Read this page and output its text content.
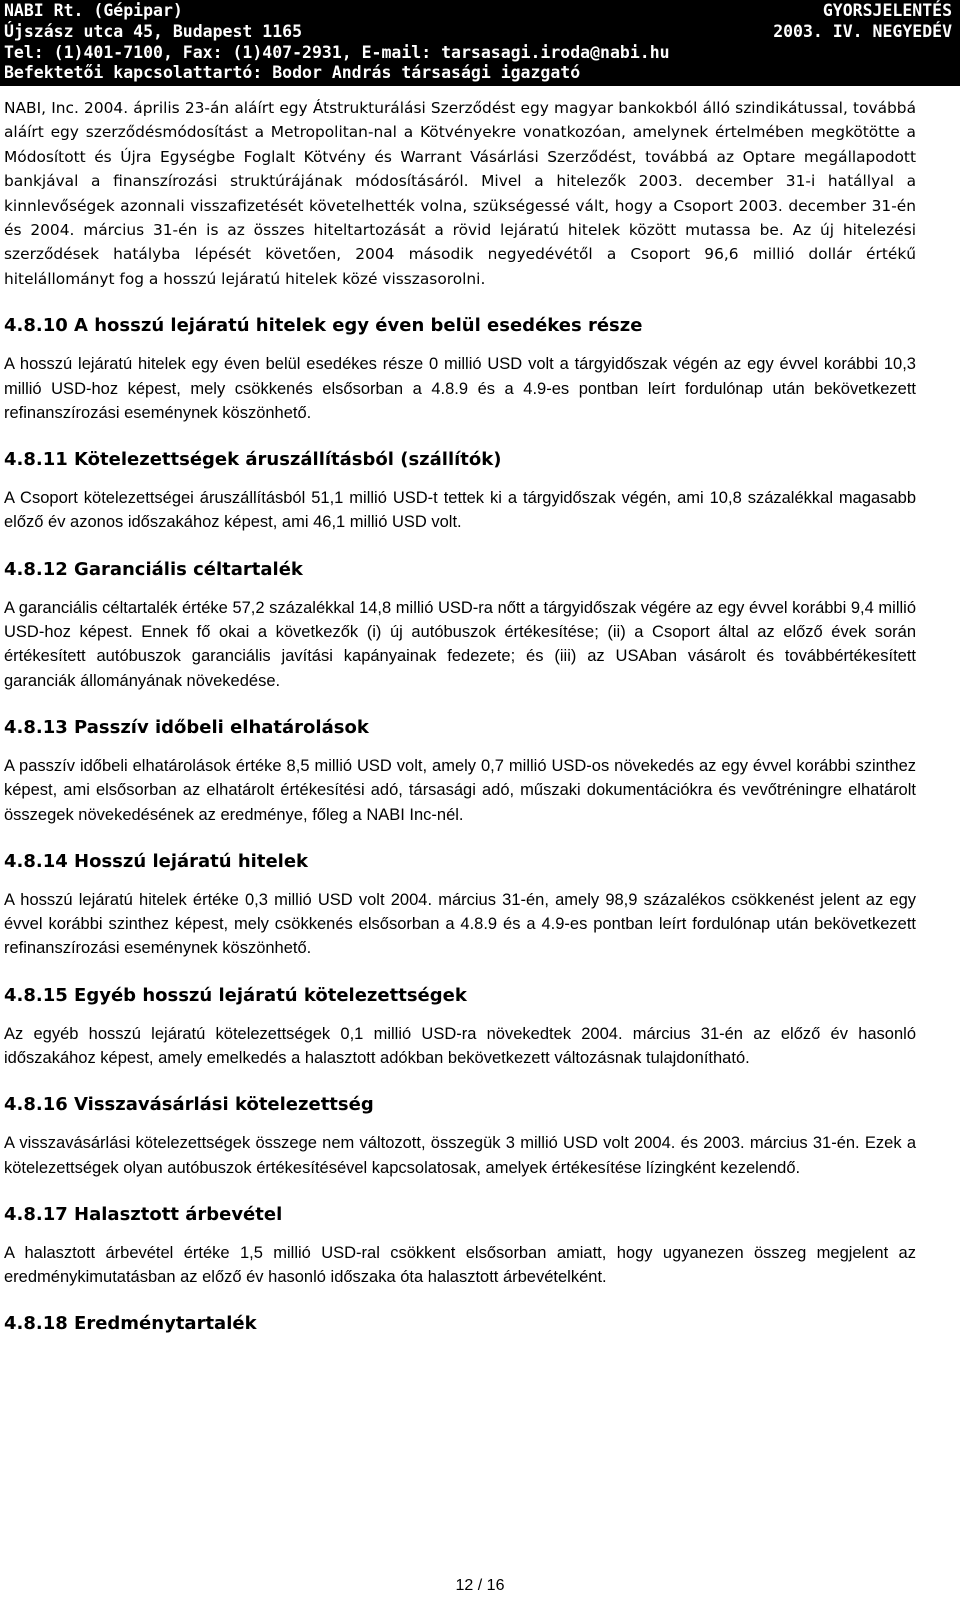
NABI Rt. (Gépipar)
Újszász utca 45, Budapest 1165
Tel: (1)401-7100, Fax: (1)407-2931, E-mail: tarsasagi.iroda@nabi.hu
Befektetői kapcsolattartó: Bodor András társasági igazgató
GYORSJELENTÉS
2003. IV. NEGYEDÉV

NABI, Inc. 2004. április 23-án aláírt egy Átstrukturálási Szerződést egy magyar bankokból álló szindikátussal, továbbá aláírt egy szerződésmódosítást a Metropolitan-nal a Kötvényekre vonatkozóan, amelynek értelmében megkötötte a Módosított és Újra Egységbe Foglalt Kötvény és Warrant Vásárlási Szerződést, továbbá az Optare megállapodott bankjával a finanszírozási struktúrájának módosításáról. Mivel a hitelezők 2003. december 31-i hatállyal a kinnlevőségek azonnali visszafizetését követelhették volna, szükségessé vált, hogy a Csoport 2003. december 31-én és 2004. március 31-én is az összes hiteltartozását a rövid lejáratú hitelek között mutassa be. Az új hitelezési szerződések hatályba lépését követően, 2004 második negyedévétől a Csoport 96,6 millió dollár értékű hitelállományt fog a hosszú lejáratú hitelek közé visszasorolni.

4.8.10 A hosszú lejáratú hitelek egy éven belül esedékes része

A hosszú lejáratú hitelek egy éven belül esedékes része 0 millió USD volt a tárgyidőszak végén az egy évvel korábbi 10,3 millió USD-hoz képest, mely csökkenés elsősorban a 4.8.9 és a 4.9-es pontban leírt fordulónap után bekövetkezett refinanszírozási eseménynek köszönhető.

4.8.11 Kötelezettségek áruszállításból (szállítók)

A Csoport kötelezettségei áruszállításból 51,1 millió USD-t tettek ki a tárgyidőszak végén, ami 10,8 százalékkal magasabb előző év azonos időszakához képest, ami 46,1 millió USD volt.

4.8.12 Garanciális céltartalék

A garanciális céltartalék értéke 57,2 százalékkal 14,8 millió USD-ra nőtt a tárgyidőszak végére az egy évvel korábbi 9,4 millió USD-hoz képest. Ennek fő okai a következők (i) új autóbuszok értékesítése; (ii) a Csoport által az előző évek során értékesített autóbuszok garanciális javítási kapányainak fedezete; és (iii) az USAban vásárolt és továbbértékesített garanciák állományának növekedése.

4.8.13 Passzív időbeli elhatárolások

A passzív időbeli elhatárolások értéke 8,5 millió USD volt, amely 0,7 millió USD-os növekedés az egy évvel korábbi szinthez képest, ami elsősorban az elhatárolt értékesítési adó, társasági adó, műszaki dokumentációkra és vevőtréningre elhatárolt összegek növekedésének az eredménye, főleg a NABI Inc-nél.

4.8.14 Hosszú lejáratú hitelek

A hosszú lejáratú hitelek értéke 0,3 millió USD volt 2004. március 31-én, amely 98,9 százalékos csökkenést jelent az egy évvel korábbi szinthez képest, mely csökkenés elsősorban a 4.8.9 és a 4.9-es pontban leírt fordulónap után bekövetkezett refinanszírozási eseménynek köszönhető.

4.8.15 Egyéb hosszú lejáratú kötelezettségek

Az egyéb hosszú lejáratú kötelezettségek 0,1 millió USD-ra növekedtek 2004. március 31-én az előző év hasonló időszakához képest, amely emelkedés a halasztott adókban bekövetkezett változásnak tulajdonítható.

4.8.16 Visszavásárlási kötelezettség

A visszavásárlási kötelezettségek összege nem változott, összegük 3 millió USD volt 2004. és 2003. március 31-én. Ezek a kötelezettségek olyan autóbuszok értékesítésével kapcsolatosak, amelyek értékesítése lízingként kezelendő.

4.8.17 Halasztott árbevétel

A halasztott árbevétel értéke 1,5 millió USD-ral csökkent elsősorban amiatt, hogy ugyanezen összeg megjelent az eredménykimutatásban az előző év hasonló időszaka óta halasztott árbevételként.

4.8.18 Eredménytartalék
12 / 16
